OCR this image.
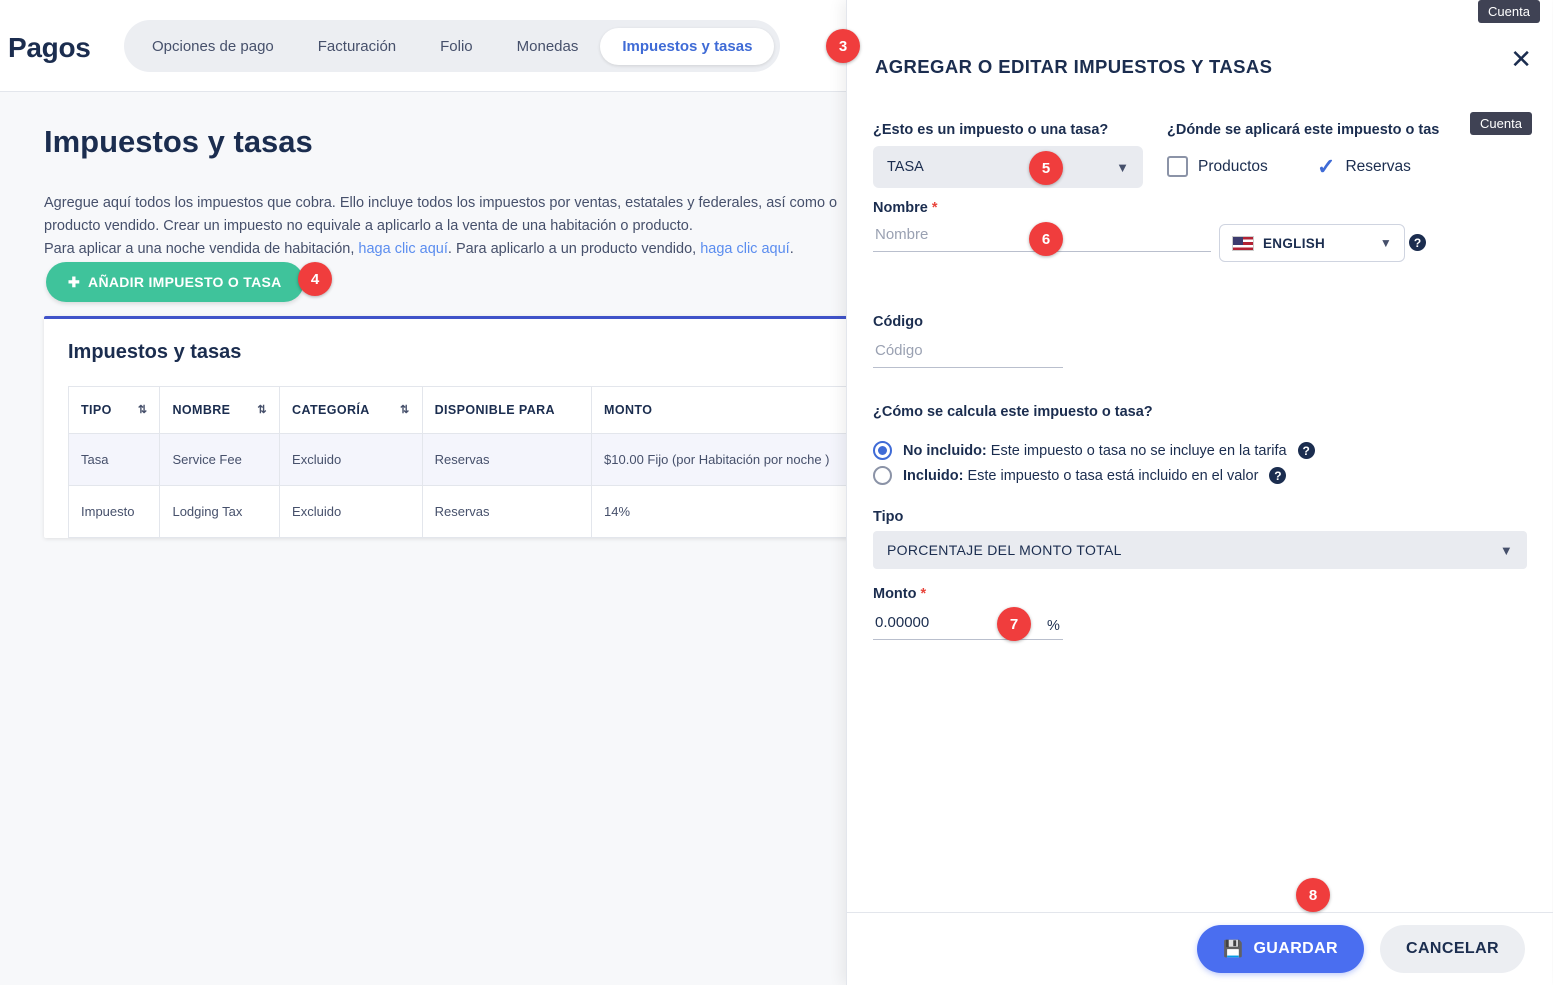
Pagos	Opciones de pago	Facturación	Folio	Monedas	Impuestos y tasas
Impuestos y tasas
Agregue aquí todos los impuestos que cobra. Ello incluye todos los impuestos por ventas, estatales y federales, así como o
producto vendido. Crear un impuesto no equivale a aplicarlo a la venta de una habitación o producto.
Para aplicar a una noche vendida de habitación, haga clic aquí. Para aplicarlo a un producto vendido, haga clic aquí.
✚ AÑADIR IMPUESTO O TASA
Impuestos y tasas
TIPO ⇅	NOMBRE ⇅	CATEGORÍA ⇅	DISPONIBLE PARA	MONTO

Tasa	Service Fee	Excluido	Reservas	$10.00 Fijo (por Habitación por noche )
Impuesto	Lodging Tax	Excluido	Reservas	14%
AGREGAR O EDITAR IMPUESTOS Y TASAS	✕
¿Esto es un impuesto o una tasa?
TASA	▼
¿Dónde se aplicará este impuesto o tas
Productos ✓ Reservas
Nombre *
Nombre
ENGLISH	▼	?
Código
Código
¿Cómo se calcula este impuesto o tasa?
No incluido: Este impuesto o tasa no se incluye en la tarifa	?
Incluido: Este impuesto o tasa está incluido en el valor	?
Tipo
PORCENTAJE DEL MONTO TOTAL	▼
Monto *
0.00000
%
💾 GUARDAR	CANCELAR
Cuenta
Cuenta
3
4
5
6
7
8
